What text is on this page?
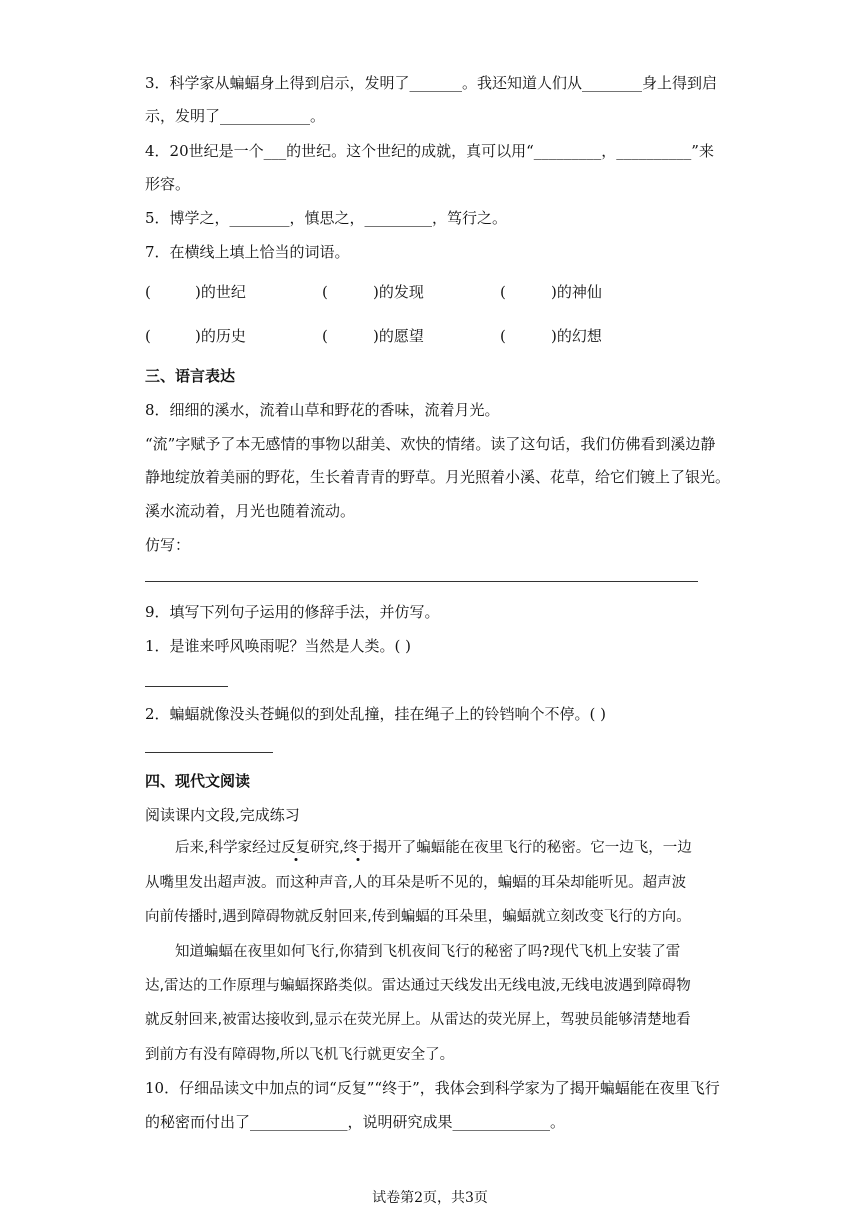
3．科学家从蝙蝠身上得到启示，发明了_______。我还知道人们从________身上得到启
示，发明了____________。
4．20世纪是一个___的世纪。这个世纪的成就，真可以用“_________，__________”来
形容。
5．博学之，________，慎思之，_________，笃行之。
7．在横线上填上恰当的词语。
(	)的世纪	(	)的发现	(	)的神仙
(	)的历史	(	)的愿望	(	)的幻想
三、语言表达
8．细细的溪水，流着山草和野花的香味，流着月光。
“流”字赋予了本无感情的事物以甜美、欢快的情绪。读了这句话，我们仿佛看到溪边静
静地绽放着美丽的野花，生长着青青的野草。月光照着小溪、花草，给它们镀上了银光。
溪水流动着，月光也随着流动。
仿写：
9．填写下列句子运用的修辞手法，并仿写。
1．是谁来呼风唤雨呢？当然是人类。( )
2．蝙蝠就像没头苍蝇似的到处乱撞，挂在绳子上的铃铛响个不停。( )
四、现代文阅读
阅读课内文段,完成练习
后来,科学家经过反复研究,终于揭开了蝙蝠能在夜里飞行的秘密。它一边飞，一边
从嘴里发出超声波。而这种声音,人的耳朵是听不见的，蝙蝠的耳朵却能听见。超声波
向前传播时,遇到障碍物就反射回来,传到蝙蝠的耳朵里，蝙蝠就立刻改变飞行的方向。
知道蝙蝠在夜里如何飞行,你猜到飞机夜间飞行的秘密了吗?现代飞机上安装了雷
达,雷达的工作原理与蝙蝠探路类似。雷达通过天线发出无线电波,无线电波遇到障碍物
就反射回来,被雷达接收到,显示在荧光屏上。从雷达的荧光屏上，驾驶员能够清楚地看
到前方有没有障碍物,所以飞机飞行就更安全了。
10．仔细品读文中加点的词“反复”“终于”，我体会到科学家为了揭开蝙蝠能在夜里飞行
的秘密而付出了_____________，说明研究成果_____________。
试卷第2页，共3页
